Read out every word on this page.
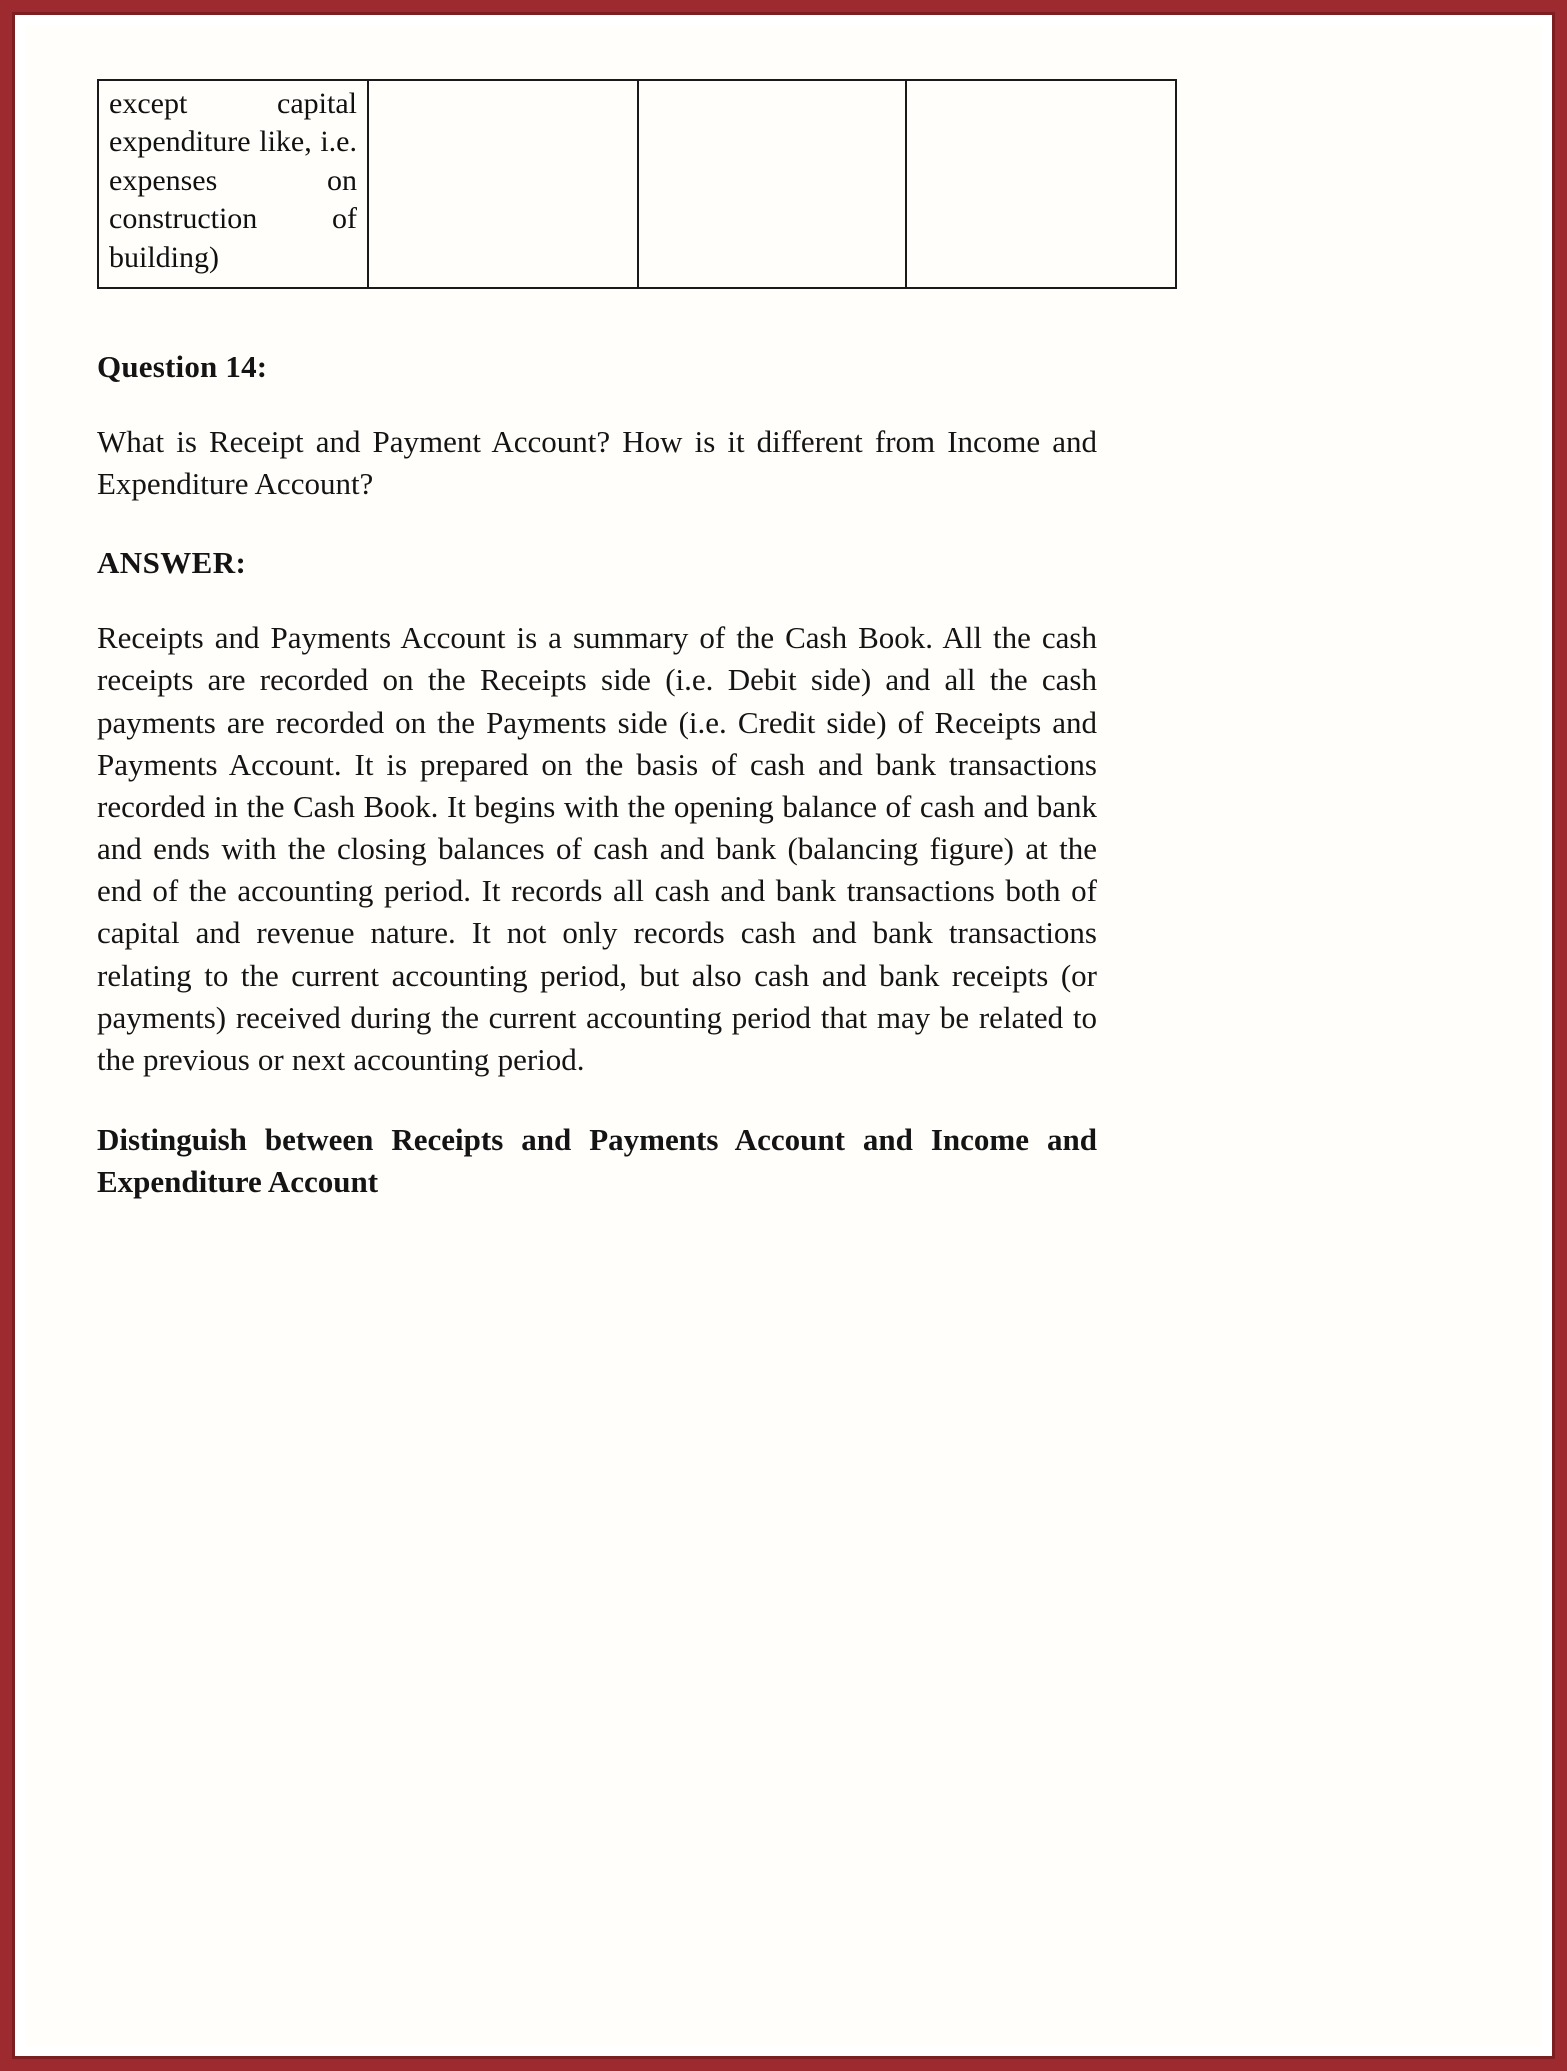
except capital expenditure like, i.e. expenses on construction of building)

Question 14:
What is Receipt and Payment Account? How is it different from Income and Expenditure Account?
ANSWER:
Receipts and Payments Account is a summary of the Cash Book. All the cash receipts are recorded on the Receipts side (i.e. Debit side) and all the cash payments are recorded on the Payments side (i.e. Credit side) of Receipts and Payments Account. It is prepared on the basis of cash and bank transactions recorded in the Cash Book. It begins with the opening balance of cash and bank and ends with the closing balances of cash and bank (balancing figure) at the end of the accounting period. It records all cash and bank transactions both of capital and revenue nature. It not only records cash and bank transactions relating to the current accounting period, but also cash and bank receipts (or payments) received during the current accounting period that may be related to the previous or next accounting period.
Distinguish between Receipts and Payments Account and Income and Expenditure Account
